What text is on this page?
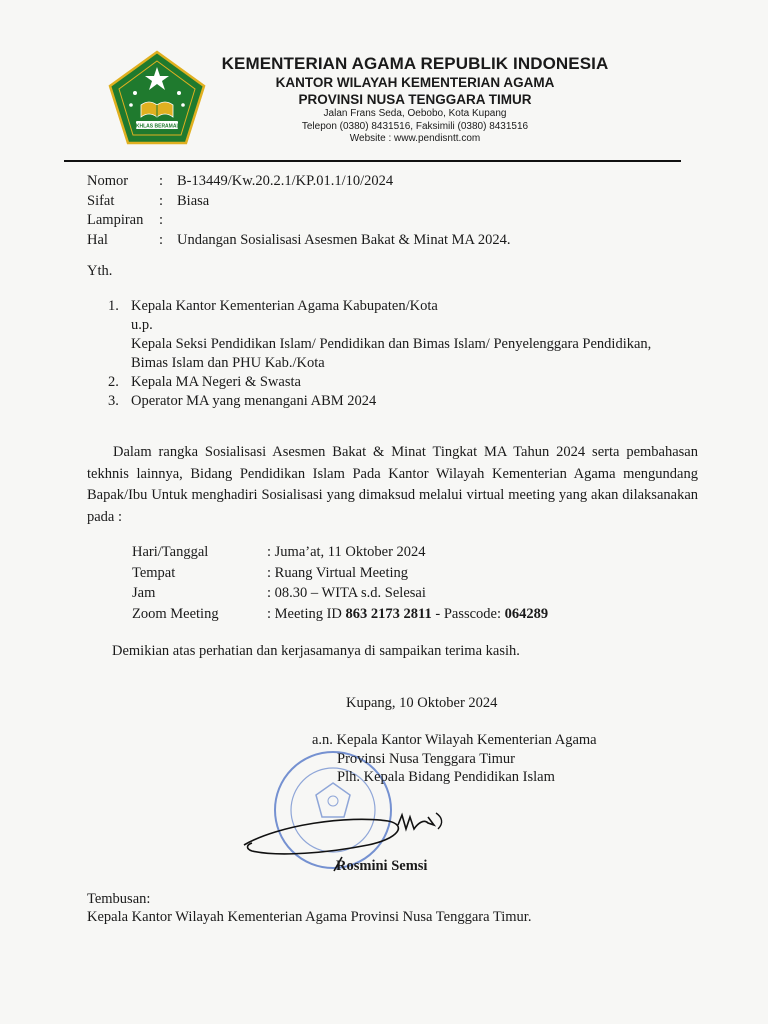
IKHLAS BERAMAL
KEMENTERIAN AGAMA REPUBLIK INDONESIA
KANTOR WILAYAH KEMENTERIAN AGAMA
PROVINSI NUSA TENGGARA TIMUR
Jalan Frans Seda, Oebobo, Kota Kupang
Telepon (0380) 8431516, Faksimili (0380) 8431516
Website : www.pendisntt.com
Nomor	: B-13449/Kw.20.2.1/KP.01.1/10/2024
Sifat	: Biasa
Lampiran	:
Hal	: Undangan Sosialisasi Asesmen Bakat & Minat MA 2024.
Yth.
1. Kepala Kantor Kementerian Agama Kabupaten/Kota
u.p.
Kepala Seksi Pendidikan Islam/ Pendidikan dan Bimas Islam/ Penyelenggara Pendidikan,
Bimas Islam dan PHU Kab./Kota
2. Kepala MA Negeri & Swasta
3. Operator MA yang menangani ABM 2024
Dalam rangka Sosialisasi Asesmen Bakat & Minat Tingkat MA Tahun 2024 serta pembahasan tekhnis lainnya, Bidang Pendidikan Islam Pada Kantor Wilayah Kementerian Agama mengundang Bapak/Ibu Untuk menghadiri Sosialisasi yang dimaksud melalui virtual meeting yang akan dilaksanakan pada :
Hari/Tanggal	: Juma’at, 11 Oktober 2024
Tempat	: Ruang Virtual Meeting
Jam	: 08.30 – WITA s.d. Selesai
Zoom Meeting	: Meeting ID 863 2173 2811 - Passcode: 064289
Demikian atas perhatian dan kerjasamanya di sampaikan terima kasih.
Kupang, 10 Oktober 2024
a.n. Kepala Kantor Wilayah Kementerian Agama
Provinsi Nusa Tenggara Timur
Plh. Kepala Bidang Pendidikan Islam
Rosmini Semsi
Tembusan:
Kepala Kantor Wilayah Kementerian Agama Provinsi Nusa Tenggara Timur.
